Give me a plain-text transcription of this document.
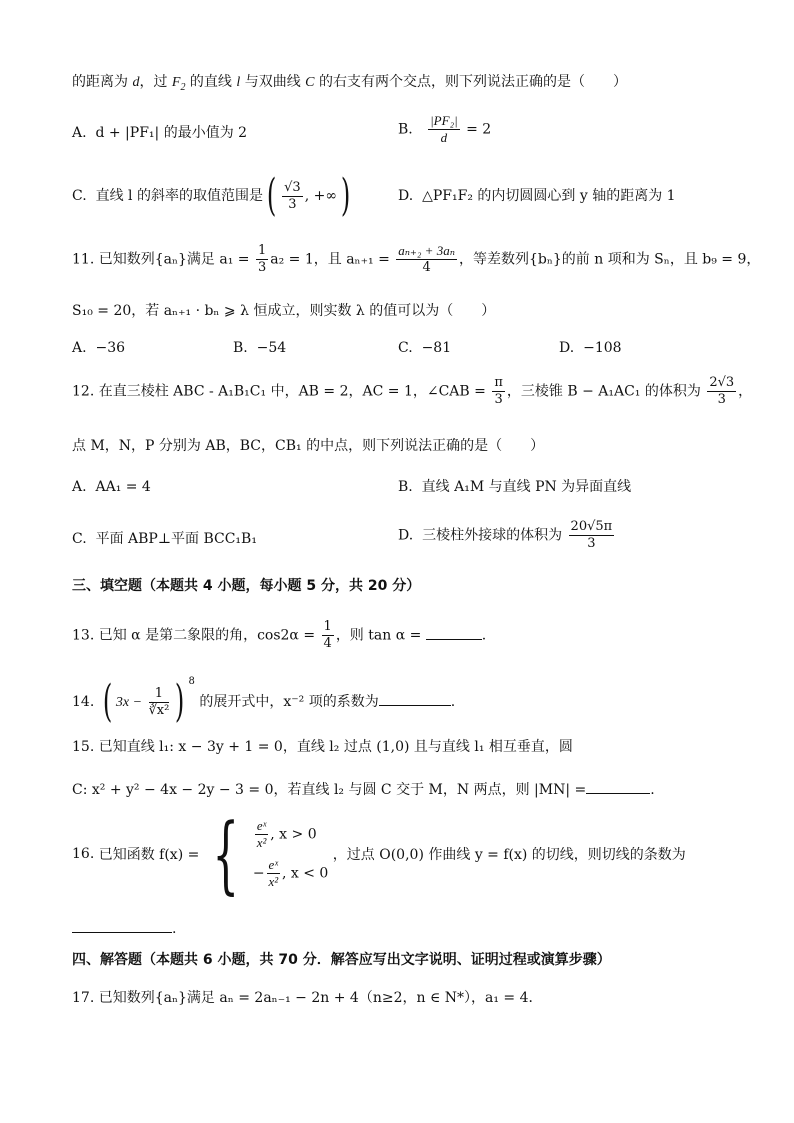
的距离为 d，过 $F_2$ 的直线 l 与双曲线 C 的右支有两个交点，则下列说法正确的是（　　）
A. d + |PF₁| 的最小值为 2	B. $\frac{\text{|PF₂|}}{d} = 2$
C. 直线 l 的斜率的取值范围是( $\frac{√3}{3}$ , +∞)	D. △PF₁F₂ 的内切圆圆心到 y 轴的距离为 1
11. 已知数列{aₙ}满足 $a_1 = \frac{1}{3} a_2 = 1$，且 $a_{n+1} = \frac{\text{aₙ₊₂ + 3aₙ}}{4}$ ，等差数列{bₙ}的前 n 项和为 Sₙ，且 b₉ = 9，
S₁₀ = 20，若 aₙ₊₁ · bₙ ⩾ λ 恒成立，则实数 λ 的值可以为（　　）
A. −36	B. −54	C. −81	D. −108
12. 在直三棱柱 ABC - A₁B₁C₁ 中，AB = 2，AC = 1，∠CAB = $\frac{\pi}{3}$ ，三棱锥 B − A₁AC₁ 的体积为 $\frac{2√3}{3}$ ，
点 M，N，P 分别为 AB，BC，CB₁ 的中点，则下列说法正确的是（　　）
A. AA₁ = 4	B. 直线 A₁M 与直线 PN 为异面直线
C. 平面 ABP⊥平面 BCC₁B₁	D. 三棱柱外接球的体积为 $\frac{20√5\pi}{3}$
三、填空题（本题共 4 小题，每小题 5 分，共 20 分）
13. 已知 α 是第二象限的角，$\cos 2\alpha = \frac{1}{4}$ ，则 tan α =	.
14. ( $3x - \frac{1}{\text{∛x²}}$ ) $^8$ 的展开式中，x⁻² 项的系数为	.
15. 已知直线 l₁: x − 3y + 1 = 0，直线 l₂ 过点 (1,0) 且与直线 l₁ 相互垂直，圆
C: x² + y² − 4x − 2y − 3 = 0，若直线 l₂ 与圆 C 交于 M，N 两点，则 |MN| =	.
16. 已知函数 f(x) = { $\frac{\text{eˣ}}{\text{x²}}$ , x > 0
− $\frac{\text{eˣ}}{\text{x²}}$ , x < 0
，过点 O(0,0) 作曲线 y = f(x) 的切线，则切线的条数为
.
四、解答题（本题共 6 小题，共 70 分．解答应写出文字说明、证明过程或演算步骤）
17. 已知数列{aₙ}满足 aₙ = 2aₙ₋₁ − 2n + 4（n≥2，n ∈ N*），a₁ = 4．
